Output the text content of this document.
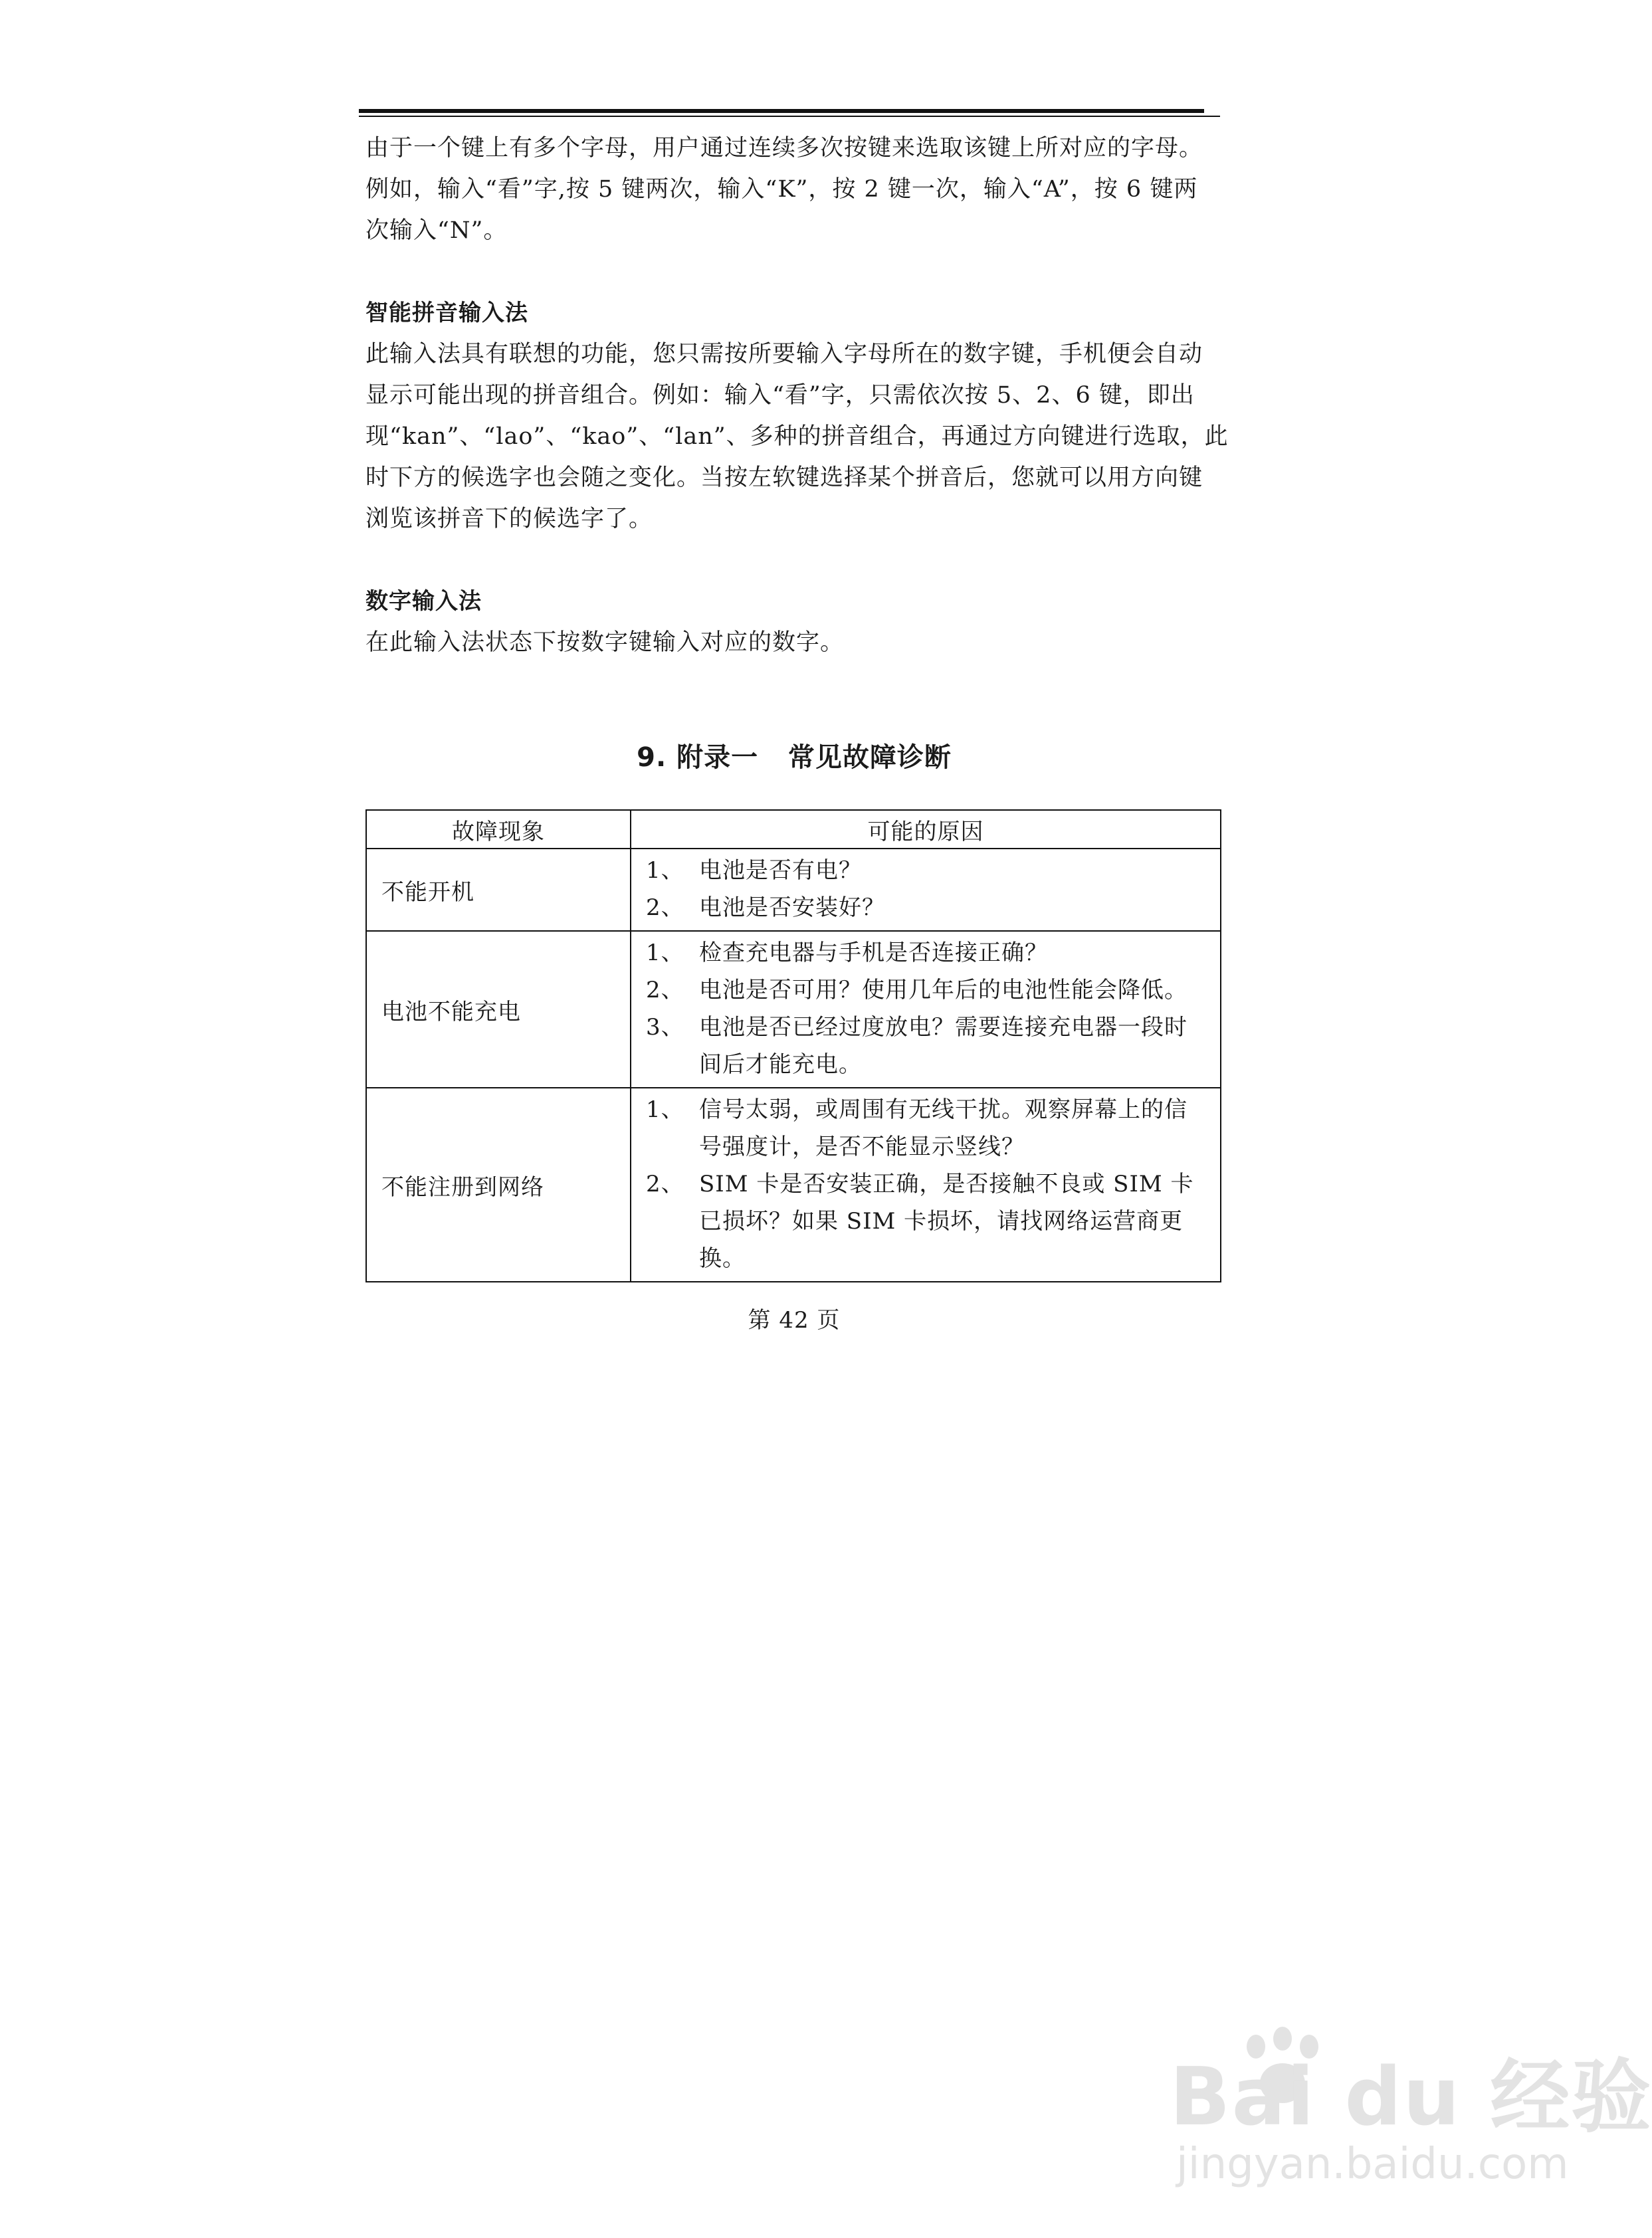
由于一个键上有多个字母，用户通过连续多次按键来选取该键上所对应的字母。
例如，输入“看”字,按 5 键两次，输入“K”，按 2 键一次，输入“A”，按 6 键两
次输入“N”。

智能拼音输入法

此输入法具有联想的功能，您只需按所要输入字母所在的数字键，手机便会自动
显示可能出现的拼音组合。例如：输入“看”字，只需依次按 5、2、6 键，即出
现“kan”、“lao”、“kao”、“lan”、多种的拼音组合，再通过方向键进行选取，此
时下方的候选字也会随之变化。当按左软键选择某个拼音后，您就可以用方向键
浏览该拼音下的候选字了。

数字输入法

在此输入法状态下按数字键输入对应的数字。

9. 附录一   常见故障诊断
故障现象	可能的原因
不能开机	1、 电池是否有电？
2、 电池是否安装好？

电池不能充电	1、 检查充电器与手机是否连接正确？
2、 电池是否可用？使用几年后的电池性能会降低。
3、 电池是否已经过度放电？需要连接充电器一段时间后才能充电。

不能注册到网络	1、 信号太弱，或周围有无线干扰。观察屏幕上的信号强度计，是否不能显示竖线？
2、 SIM 卡是否安装正确，是否接触不良或 SIM 卡已损坏？如果 SIM 卡损坏，请找网络运营商更换。
第 42 页
Bai du 经验
jingyan.baidu.com
